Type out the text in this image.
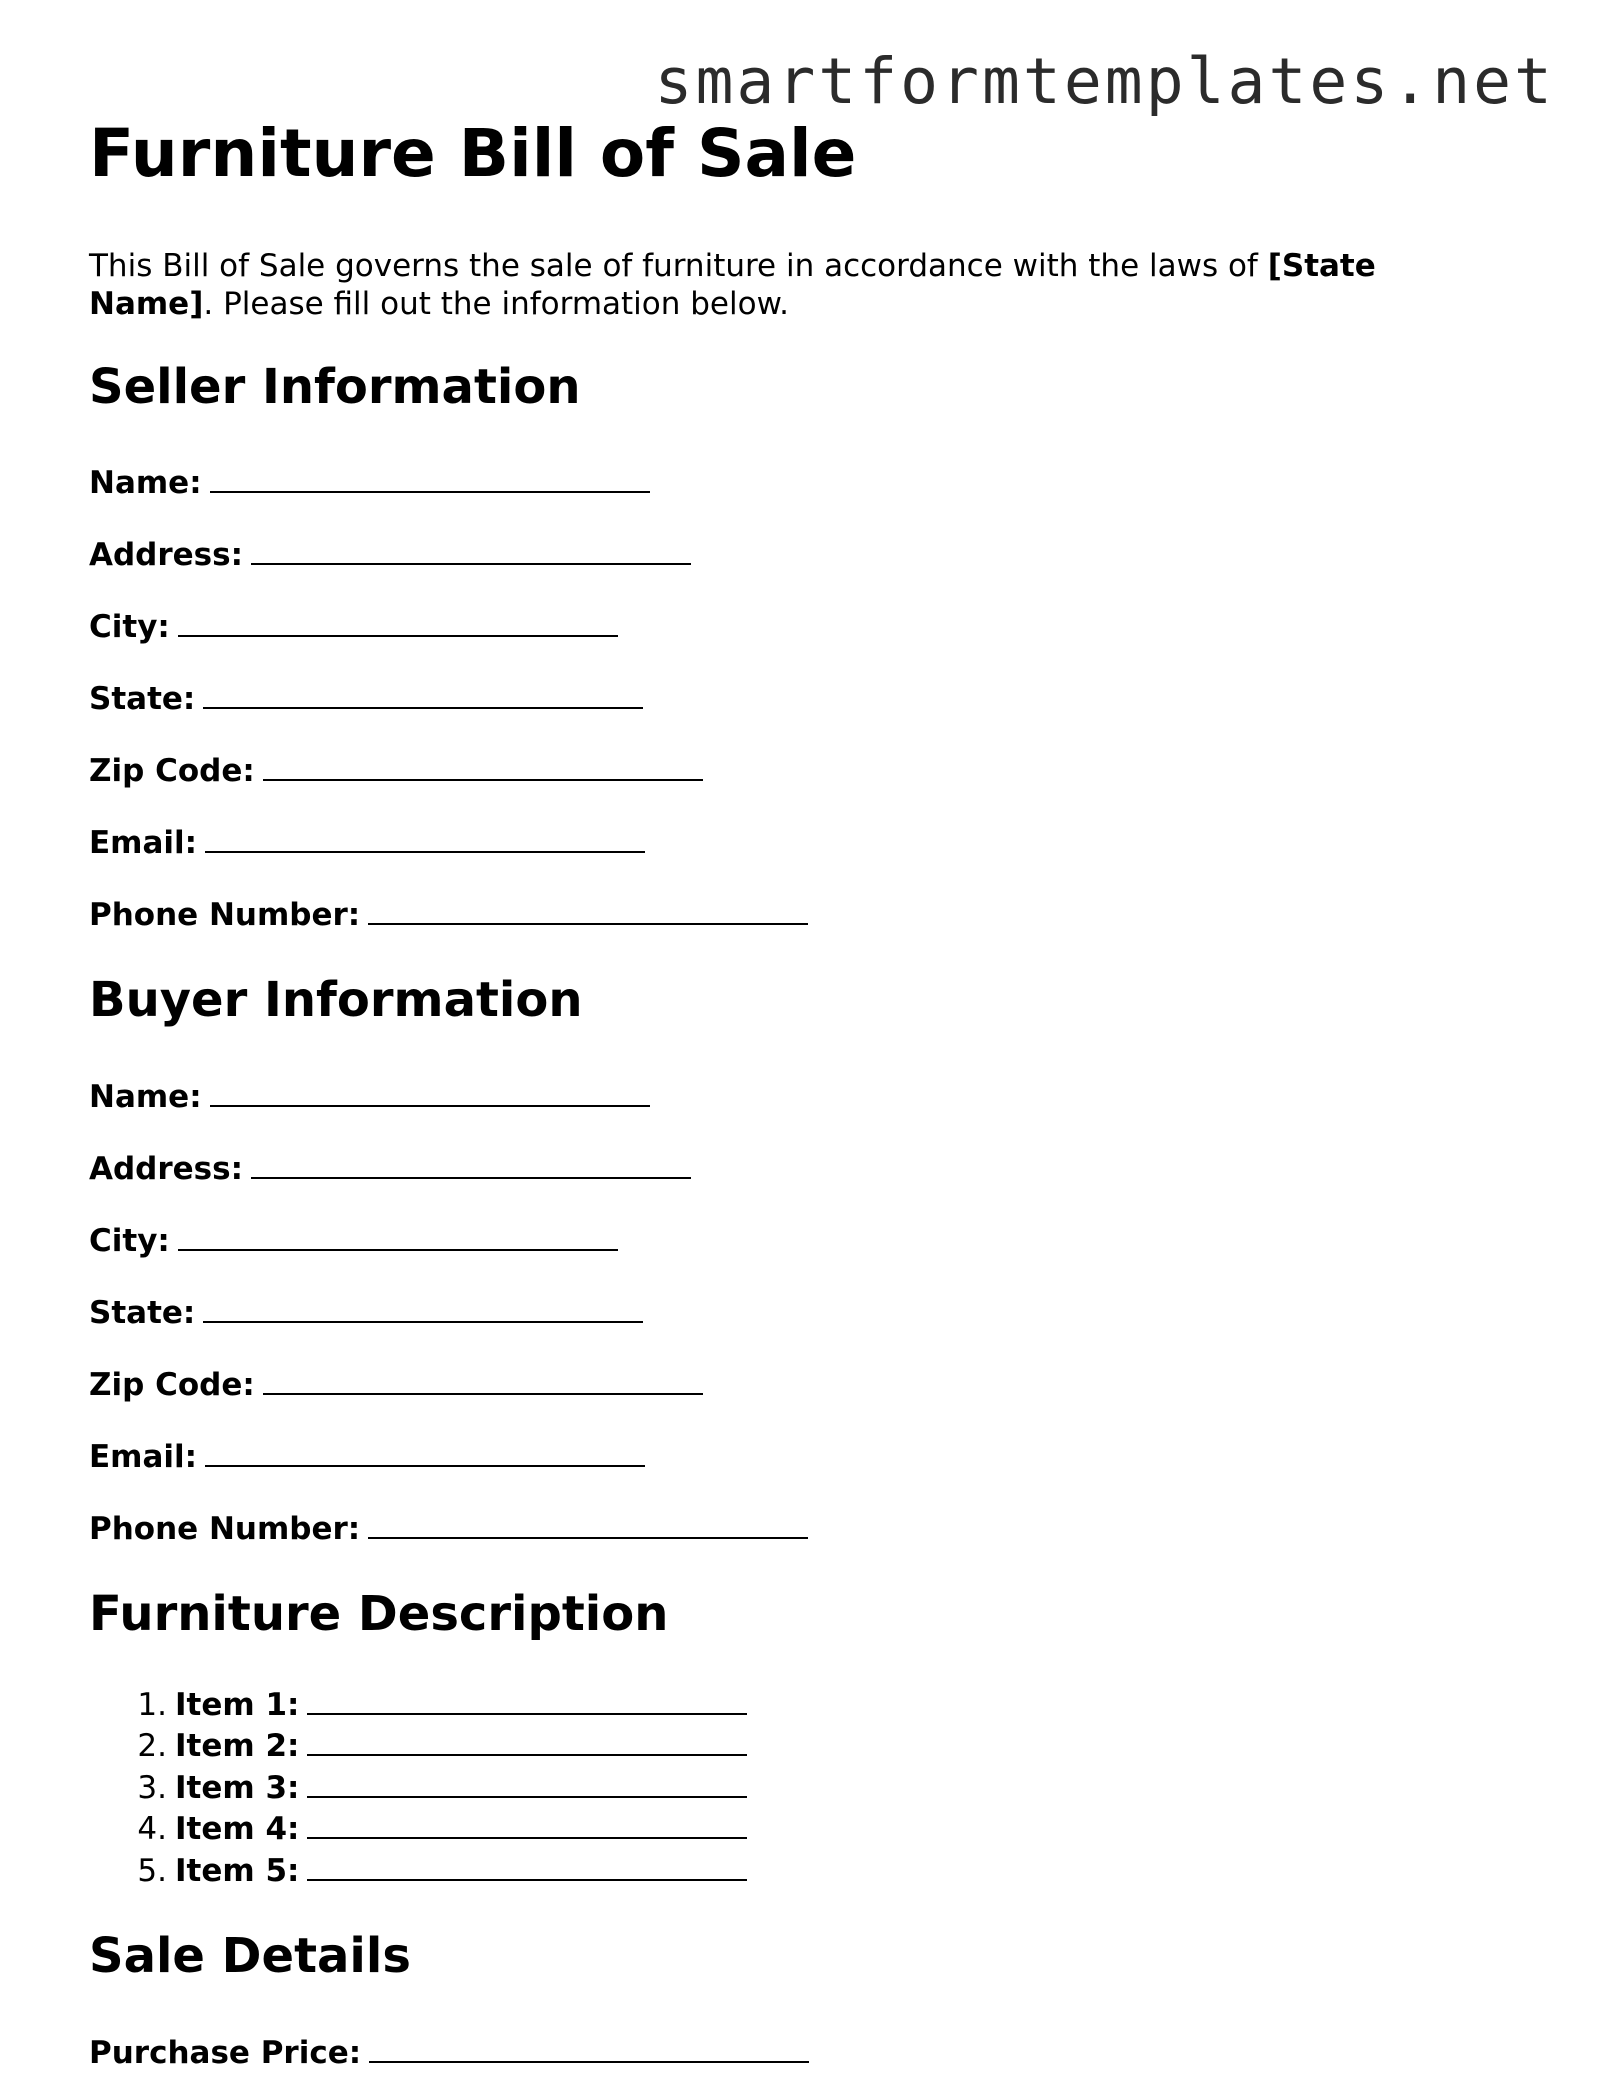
smartformtemplates.net
Furniture Bill of Sale

This Bill of Sale governs the sale of furniture in accordance with the laws of [State Name]. Please fill out the information below.

Seller Information

Name:

Address:

City:

State:

Zip Code:

Email:

Phone Number:

Buyer Information

Name:

Address:

City:

State:

Zip Code:

Email:

Phone Number:

Furniture Description
1. Item 1:
2. Item 2:
3. Item 3:
4. Item 4:
5. Item 5:
Sale Details

Purchase Price:
